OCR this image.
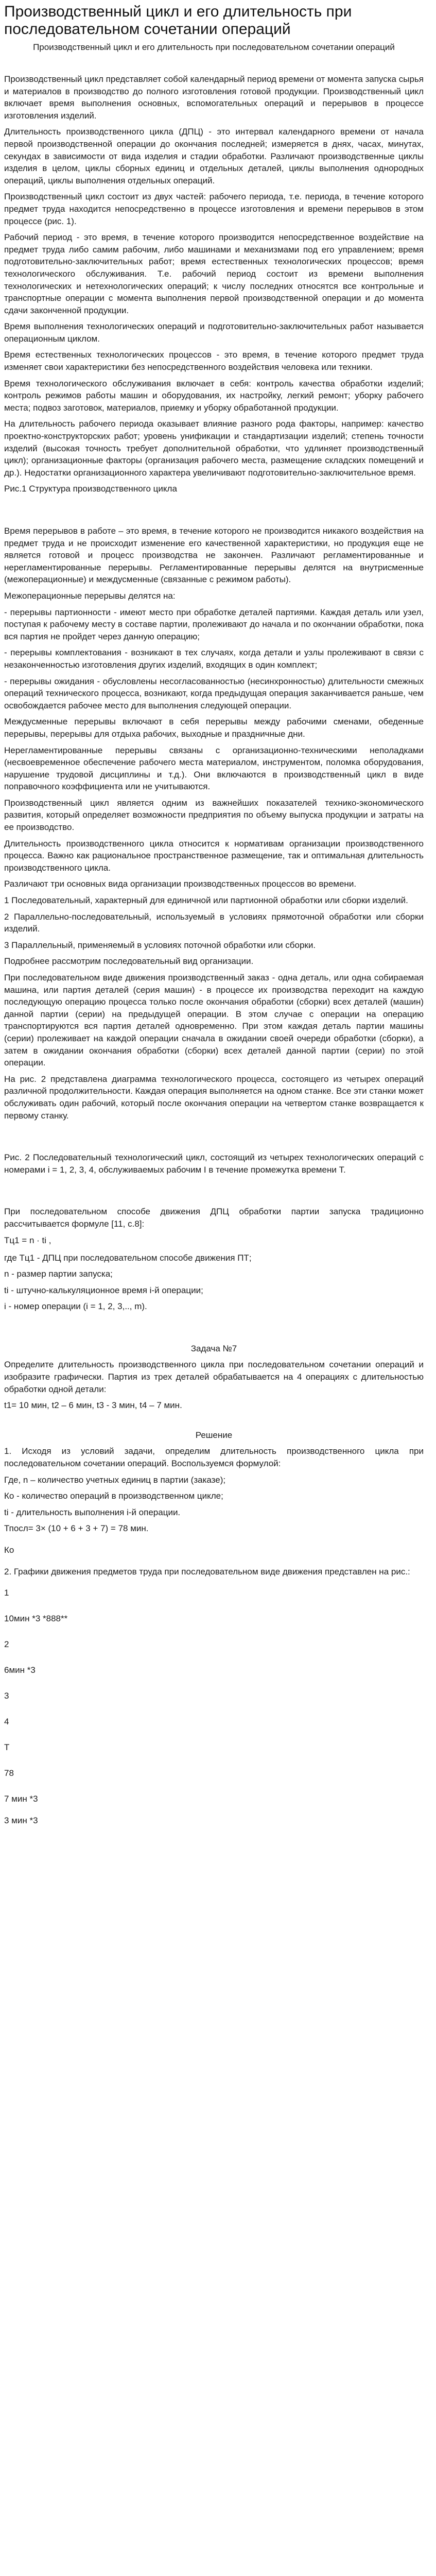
Производственный цикл и его длительность при последовательном сочетании операций
Производственный цикл и его длительность при последовательном сочетании операций

Производственный цикл представляет собой календарный период времени от момента запуска сырья и материалов в производство до полного изготовления готовой продукции. Производственный цикл включает время выполнения основных, вспомогательных операций и перерывов в процессе изготовления изделий.

Длительность производственного цикла (ДПЦ) - это интервал календарного времени от начала первой производственной операции до окончания последней; измеряется в днях, часах, минутах, секундах в зависимости от вида изделия и стадии обработки. Различают производственные циклы изделия в целом, циклы сборных единиц и отдельных деталей, циклы выполнения однородных операций, циклы выполнения отдельных операций.

Производственный цикл состоит из двух частей: рабочего периода, т.е. периода, в течение которого предмет труда находится непосредственно в процессе изготовления и времени перерывов в этом процессе (рис. 1).

Рабочий период - это время, в течение которого производится непосредственное воздействие на предмет труда либо самим рабочим, либо машинами и механизмами под его управлением; время подготовительно-заключительных работ; время естественных технологических процессов; время технологического обслуживания. Т.е. рабочий период состоит из времени выполнения технологических и нетехнологических операций; к числу последних относятся все контрольные и транспортные операции с момента выполнения первой производственной операции и до момента сдачи законченной продукции.

Время выполнения технологических операций и подготовительно-заключительных работ называется операционным циклом.

Время естественных технологических процессов - это время, в течение которого предмет труда изменяет свои характеристики без непосредственного воздействия человека или техники.

Время технологического обслуживания включает в себя: контроль качества обработки изделий; контроль режимов работы машин и оборудования, их настройку, легкий ремонт; уборку рабочего места; подвоз заготовок, материалов, приемку и уборку обработанной продукции.

На длительность рабочего периода оказывает влияние разного рода факторы, например: качество проектно-конструкторских работ; уровень унификации и стандартизации изделий; степень точности изделий (высокая точность требует дополнительной обработки, что удлиняет производственный цикл); организационные факторы (организация рабочего места, размещение складских помещений и др.). Недостатки организационного характера увеличивают подготовительно-заключительное время.

Рис.1 Структура производственного цикла

Время перерывов в работе – это время, в течение которого не производится никакого воздействия на предмет труда и не происходит изменение его качественной характеристики, но продукция еще не является готовой и процесс производства не закончен. Различают регламентированные и нерегламентированные перерывы. Регламентированные перерывы делятся на внутрисменные (межоперационные) и междусменные (связанные с режимом работы).

Межоперационные перерывы делятся на:

- перерывы партионности - имеют место при обработке деталей партиями. Каждая деталь или узел, поступая к рабочему месту в составе партии, пролеживают до начала и по окончании обработки, пока вся партия не пройдет через данную операцию;

- перерывы комплектования - возникают в тех случаях, когда детали и узлы пролеживают в связи с незаконченностью изготовления других изделий, входящих в один комплект;

- перерывы ожидания - обусловлены несогласованностью (несинхронностью) длительности смежных операций технического процесса, возникают, когда предыдущая операция заканчивается раньше, чем освобождается рабочее место для выполнения следующей операции.

Междусменные перерывы включают в себя перерывы между рабочими сменами, обеденные перерывы, перерывы для отдыха рабочих, выходные и праздничные дни.

Нерегламентированные перерывы связаны с организационно-техническими неполадками (несвоевременное обеспечение рабочего места материалом, инструментом, поломка оборудования, нарушение трудовой дисциплины и т.д.). Они включаются в производственный цикл в виде поправочного коэффициента или не учитываются.

Производственный цикл является одним из важнейших показателей технико-экономического развития, который определяет возможности предприятия по объему выпуска продукции и затраты на ее производство.

Длительность производственного цикла относится к нормативам организации производственного процесса. Важно как рациональное пространственное размещение, так и оптимальная длительность производственного цикла.

Различают три основных вида организации производственных процессов во времени.

1 Последовательный, характерный для единичной или партионной обработки или сборки изделий.

2 Параллельно-последовательный, используемый в условиях прямоточной обработки или сборки изделий.

3 Параллельный, применяемый в условиях поточной обработки или сборки.

Подробнее рассмотрим последовательный вид организации.

При последовательном виде движения производственный заказ - одна деталь, или одна собираемая машина, или партия деталей (серия машин) - в процессе их производства переходит на каждую последующую операцию процесса только после окончания обработки (сборки) всех деталей (машин) данной партии (серии) на предыдущей операции. В этом случае с операции на операцию транспортируются вся партия деталей одновременно. При этом каждая деталь партии машины (серии) пролеживает на каждой операции сначала в ожидании своей очереди обработки (сборки), а затем в ожидании окончания обработки (сборки) всех деталей данной партии (серии) по этой операции.

На рис. 2 представлена диаграмма технологического процесса, состоящего из четырех операций различной продолжительности. Каждая операция выполняется на одном станке. Все эти станки может обслуживать один рабочий, который после окончания операции на четвертом станке возвращается к первому станку.

Рис. 2 Последовательный технологический цикл, состоящий из четырех технологических операций с номерами i = 1, 2, 3, 4, обслуживаемых рабочим I в течение промежутка времени Т.

При последовательном способе движения ДПЦ обработки партии запуска традиционно рассчитывается формуле [11, c.8]:

Тц1 = n · ti ,

где Тц1 - ДПЦ при последовательном способе движения ПТ;

n - размер партии запуска;

ti - штучно-калькуляционное время i-й операции;

i - номер операции (i = 1, 2, 3,.., m).

Задача №7

Определите длительность производственного цикла при последовательном сочетании операций и изобразите графически. Партия из трех деталей обрабатывается на 4 операциях с длительностью обработки одной детали:

t1= 10 мин, t2 – 6 мин, t3 - 3 мин, t4 – 7 мин.

Решение

1. Исходя из условий задачи, определим длительность производственного цикла при последовательном сочетании операций. Воспользуемся формулой:

Где, n – количество учетных единиц в партии (заказе);

Ко - количество операций в производственном цикле;

ti - длительность выполнения i-й операции.

Тпосл= 3× (10 + 6 + 3 + 7) = 78 мин.

Ко

2. Графики движения предметов труда при последовательном виде движения представлен на рис.:

1

10мин *3 *888**

2

6мин *3

3

4

T

78

7 мин *3

3 мин *3
